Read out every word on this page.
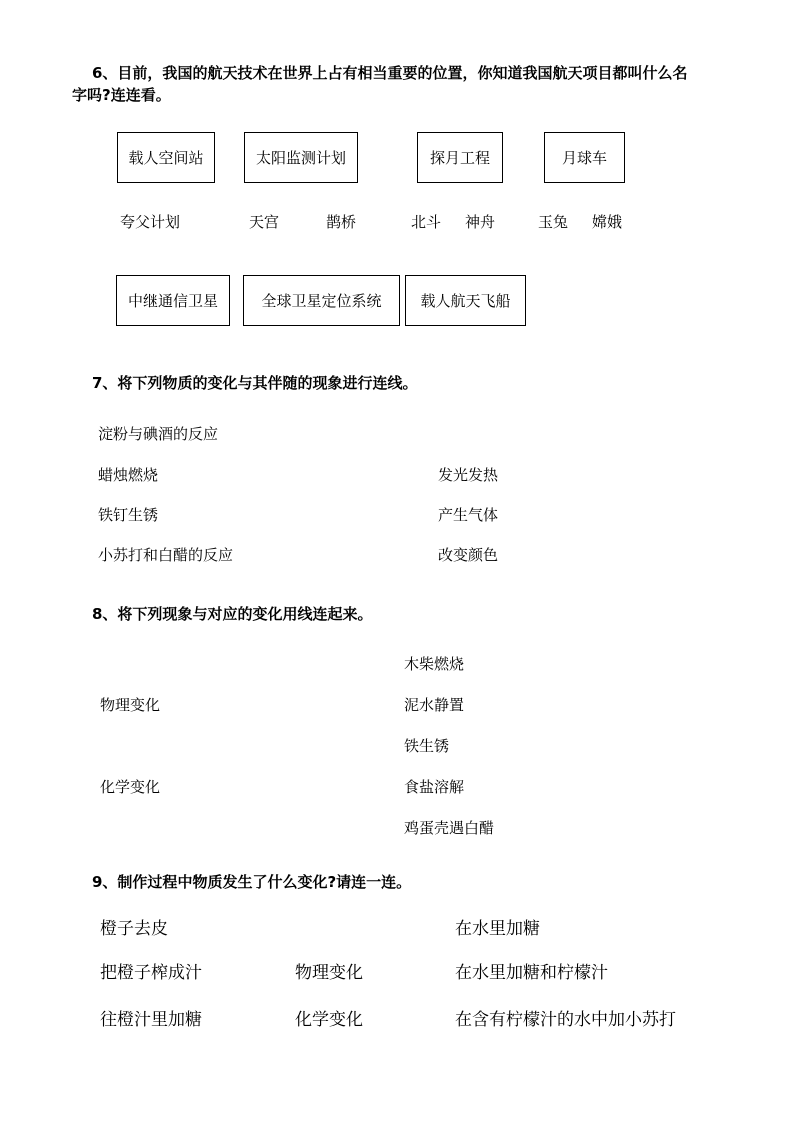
6、目前，我国的航天技术在世界上占有相当重要的位置，你知道我国航天项目都叫什么名
字吗?连连看。
载人空间站	太阳监测计划	探月工程	月球车
夸父计划	天宫	鹊桥	北斗 神舟	玉兔 嫦娥
中继通信卫星	全球卫星定位系统	载人航天飞船
7、将下列物质的变化与其伴随的现象进行连线。
淀粉与碘酒的反应
蜡烛燃烧
铁钉生锈
小苏打和白醋的反应
发光发热
产生气体
改变颜色
8、将下列现象与对应的变化用线连起来。
物理变化
化学变化
木柴燃烧
泥水静置
铁生锈
食盐溶解
鸡蛋壳遇白醋
9、制作过程中物质发生了什么变化?请连一连。
橙子去皮
把橙子榨成汁
往橙汁里加糖
物理变化
化学变化
在水里加糖
在水里加糖和柠檬汁
在含有柠檬汁的水中加小苏打
